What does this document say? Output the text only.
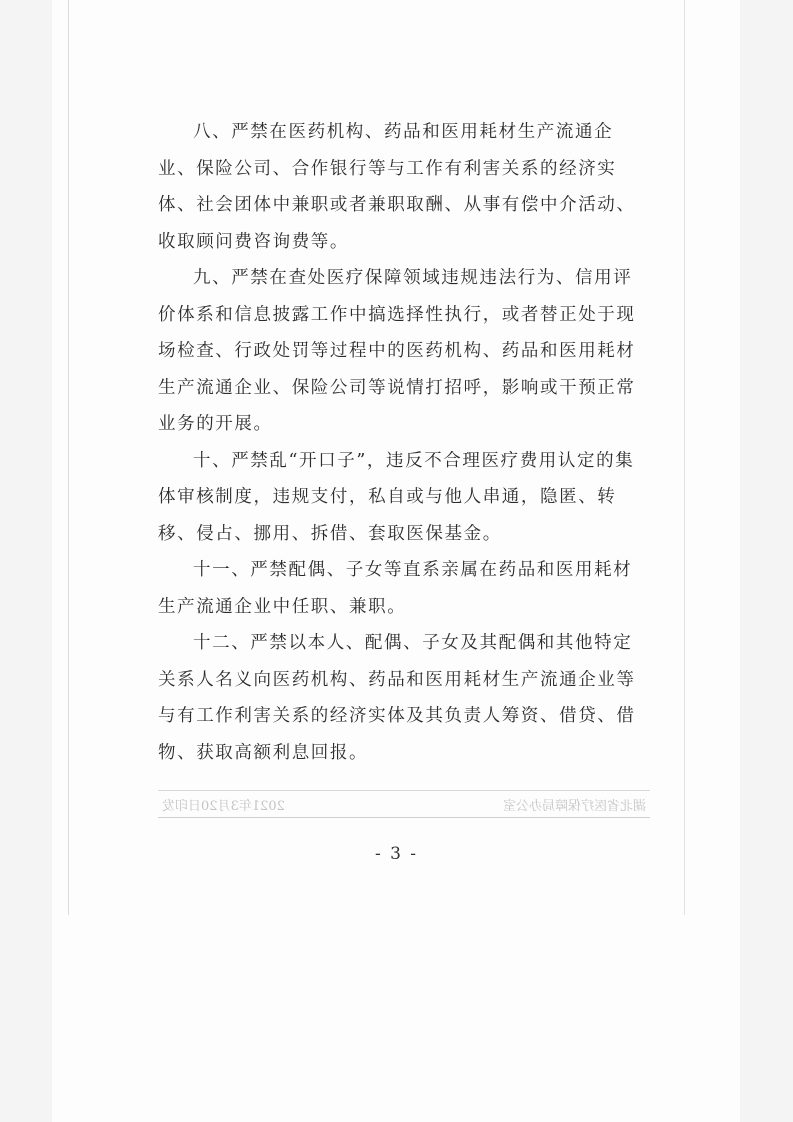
八、严禁在医药机构、药品和医用耗材生产流通企业、保险公司、合作银行等与工作有利害关系的经济实体、社会团体中兼职或者兼职取酬、从事有偿中介活动、收取顾问费咨询费等。

九、严禁在查处医疗保障领域违规违法行为、信用评价体系和信息披露工作中搞选择性执行，或者替正处于现场检查、行政处罚等过程中的医药机构、药品和医用耗材生产流通企业、保险公司等说情打招呼，影响或干预正常业务的开展。

十、严禁乱“开口子”，违反不合理医疗费用认定的集体审核制度，违规支付，私自或与他人串通，隐匿、转移、侵占、挪用、拆借、套取医保基金。

十一、严禁配偶、子女等直系亲属在药品和医用耗材生产流通企业中任职、兼职。

十二、严禁以本人、配偶、子女及其配偶和其他特定关系人名义向医药机构、药品和医用耗材生产流通企业等与有工作利害关系的经济实体及其负责人筹资、借贷、借物、获取高额利息回报。

2021年3月20日印发	湖北省医疗保障局办公室
- 3 -
